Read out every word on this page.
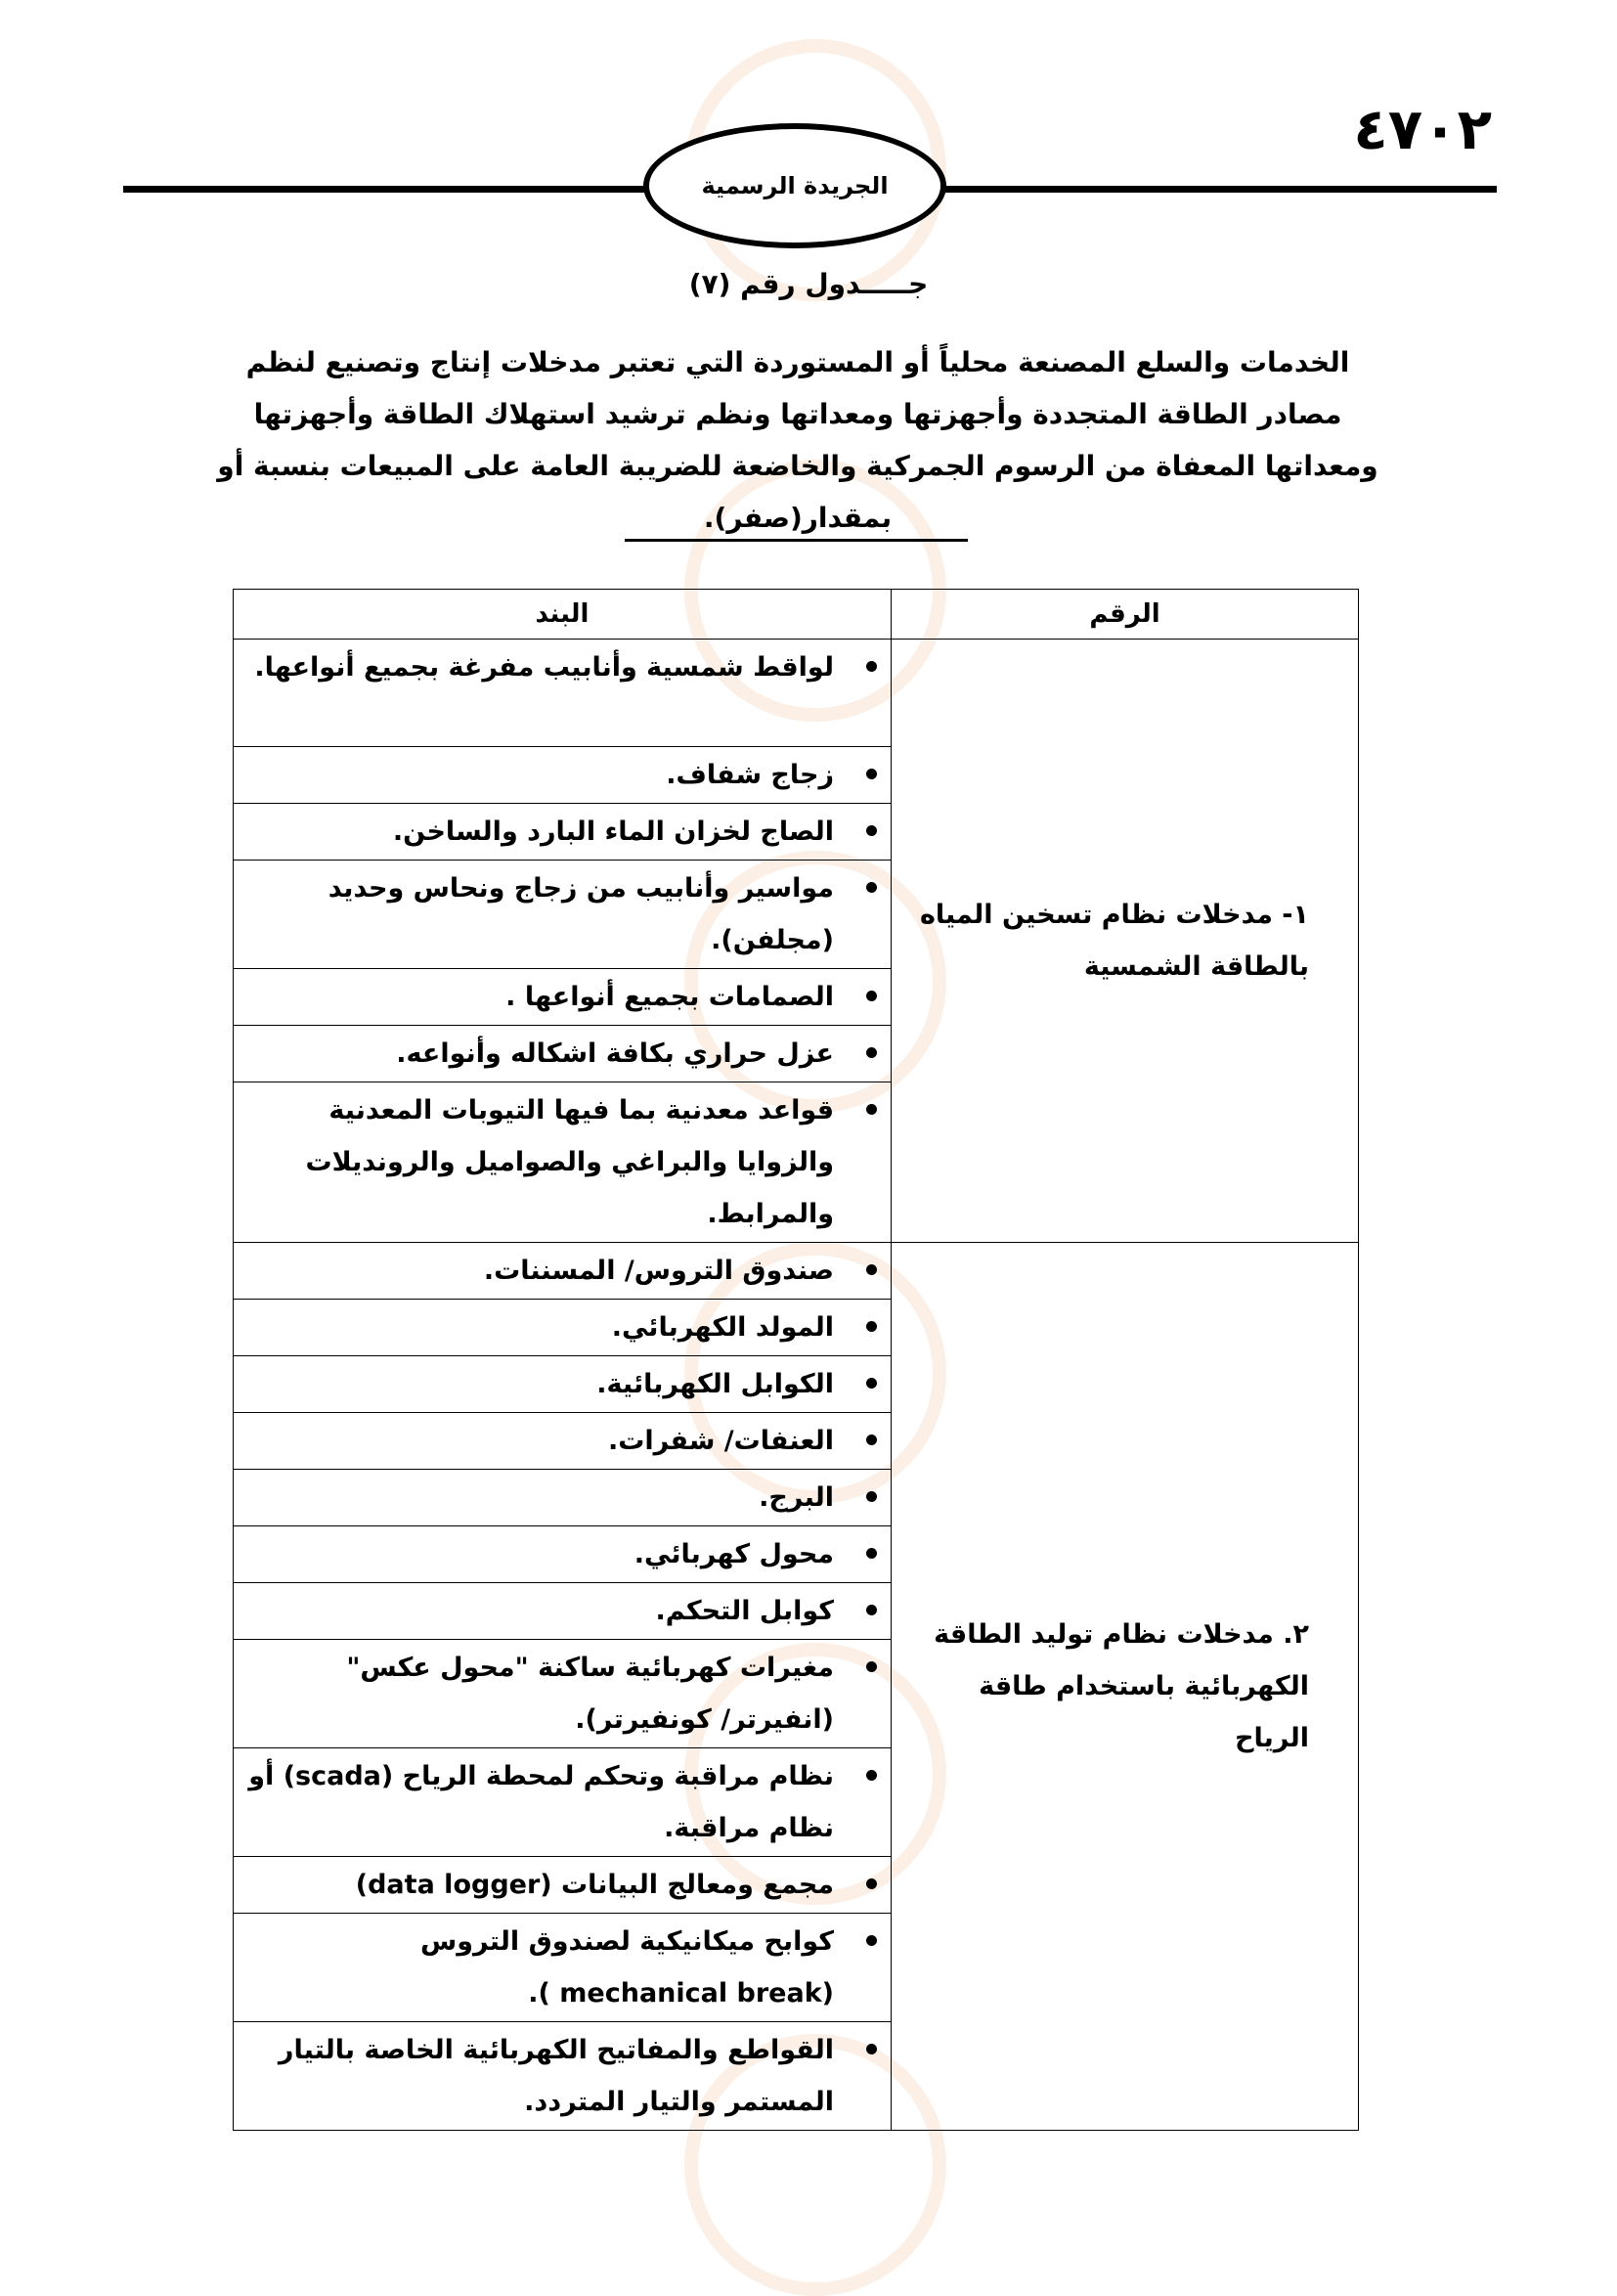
٤٧٠٢
الجريدة الرسمية
جـــــدول رقم (٧)
الخدمات والسلع المصنعة محلياً أو المستوردة التي تعتبر مدخلات إنتاج وتصنيع لنظم مصادر الطاقة المتجددة وأجهزتها ومعداتها ونظم ترشيد استهلاك الطاقة وأجهزتها ومعداتها المعفاة من الرسوم الجمركية والخاضعة للضريبة العامة على المبيعات بنسبة أو بمقدار(صفر).
الرقم	البند
١- مدخلات نظام تسخين المياه بالطاقة الشمسية	لواقط شمسية وأنابيب مفرغة بجميع أنواعها.

	زجاج شفاف.

	الصاج لخزان الماء البارد والساخن.

	مواسير وأنابيب من زجاج ونحاس وحديد (مجلفن).

	الصمامات بجميع أنواعها .

	عزل حراري بكافة اشكاله وأنواعه.

	قواعد معدنية بما فيها التيوبات المعدنية والزوايا والبراغي والصواميل والرونديلات والمرابط.

٢. مدخلات نظام توليد الطاقة الكهربائية باستخدام طاقة الرياح	صندوق التروس/ المسننات.

	المولد الكهربائي.

	الكوابل الكهربائية.

	العنفات/ شفرات.

	البرج.

	محول كهربائي.

	كوابل التحكم.

	مغيرات كهربائية ساكنة "محول عكس" (انفيرتر/ كونفيرتر).

	نظام مراقبة وتحكم لمحطة الرياح (scada) أو نظام مراقبة.

	مجمع ومعالج البيانات (data logger)

	كوابح ميكانيكية لصندوق التروس (mechanical break ).

	القواطع والمفاتيح الكهربائية الخاصة بالتيار المستمر والتيار المتردد.
